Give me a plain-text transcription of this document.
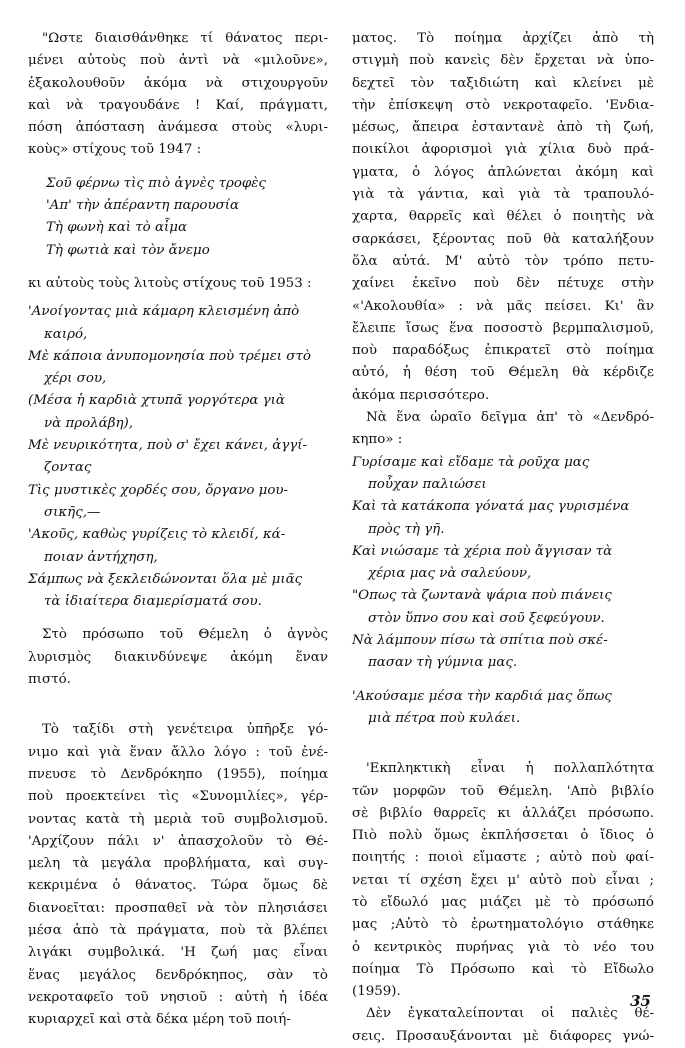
"Ωστε διαισθάνθηκε τί θάνατος περι-
μένει αὐτοὺς ποὺ ἀντὶ νὰ «μιλοῦνε»,
ἐξακολουθοῦν ἀκόμα νὰ στιχουργοῦν
καὶ νὰ τραγουδάνε ! Καί, πράγματι,
πόση ἀπόσταση ἀνάμεσα στοὺς «λυρι-
κοὺς» στίχους τοῦ 1947 :
Σοῦ φέρνω τὶς πιὸ ἁγνὲς τροφὲς
'Απ' τὴν ἀπέραντη παρουσία
Τὴ φωνὴ καὶ τὸ αἷμα
Τὴ φωτιὰ καὶ τὸν ἄνεμο
κι αὐτοὺς τοὺς λιτοὺς στίχους τοῦ 1953 :
'Ανοίγοντας μιὰ κάμαρη κλεισμένη ἀπὸ
καιρό,
Μὲ κάποια ἀνυπομονησία ποὺ τρέμει στὸ
χέρι σου,
(Μέσα ἡ καρδιὰ χτυπᾶ γοργότερα γιὰ
νὰ προλάβη),
Μὲ νευρικότητα, ποὺ σ' ἔχει κάνει, ἀγγί-
ζοντας
Τὶς μυστικὲς χορδές σου, ὄργανο μου-
σικῆς,—
'Ακοῦς, καθὼς γυρίζεις τὸ κλειδί, κά-
ποιαν ἀντήχηση,
Σάμπως νὰ ξεκλειδώνονται ὅλα μὲ μιᾶς
τὰ ἰδιαίτερα διαμερίσματά σου.
Στὸ πρόσωπο τοῦ Θέμελη ὁ ἁγνὸς
λυρισμὸς διακινδύνεψε ἀκόμη ἕναν
πιστό.
Τὸ ταξίδι στὴ γενέτειρα ὑπῆρξε γό-
νιμο καὶ γιὰ ἕναν ἄλλο λόγο : τοῦ ἐνέ-
πνευσε τὸ Δενδρόκηπο (1955), ποίημα
ποὺ προεκτείνει τὶς «Συνομιλίες», γέρ-
νοντας κατὰ τὴ μεριὰ τοῦ συμβολισμοῦ.
'Αρχίζουν πάλι ν' ἀπασχολοῦν τὸ Θέ-
μελη τὰ μεγάλα προβλήματα, καὶ συγ-
κεκριμένα ὁ θάνατος. Τώρα ὅμως δὲ
διανοεῖται: προσπαθεῖ νὰ τὸν πλησιάσει
μέσα ἀπὸ τὰ πράγματα, ποὺ τὰ βλέπει
λιγάκι συμβολικά. 'Η ζωή μας εἶναι
ἕνας μεγάλος δενδρόκηπος, σὰν τὸ
νεκροταφεῖο τοῦ νησιοῦ : αὐτὴ ἡ ἰδέα
κυριαρχεῖ καὶ στὰ δέκα μέρη τοῦ ποιή-
ματος. Τὸ ποίημα ἀρχίζει ἀπὸ τὴ
στιγμὴ ποὺ κανεὶς δὲν ἔρχεται νὰ ὑπο-
δεχτεῖ τὸν ταξιδιώτη καὶ κλείνει μὲ
τὴν ἐπίσκεψη στὸ νεκροταφεῖο. 'Ενδια-
μέσως, ἄπειρα ἐσταντανὲ ἀπὸ τὴ ζωή,
ποικίλοι ἀφορισμοὶ γιὰ χίλια δυὸ πρά-
γματα, ὁ λόγος ἁπλώνεται ἀκόμη καὶ
γιὰ τὰ γάντια, καὶ γιὰ τὰ τραπουλό-
χαρτα, θαρρεῖς καὶ θέλει ὁ ποιητὴς νὰ
σαρκάσει, ξέροντας ποῦ θὰ καταλήξουν
ὅλα αὐτά. Μ' αὐτὸ τὸν τρόπο πετυ-
χαίνει ἐκεῖνο ποὺ δὲν πέτυχε στὴν
«'Ακολουθία» : νὰ μᾶς πείσει. Κι' ἂν
ἔλειπε ἴσως ἕνα ποσοστὸ βερμπαλισμοῦ,
ποὺ παραδόξως ἐπικρατεῖ στὸ ποίημα
αὐτό, ἡ θέση τοῦ Θέμελη θὰ κέρδιζε
ἀκόμα περισσότερο.
Νὰ ἕνα ὡραῖο δεῖγμα ἀπ' τὸ «Δενδρό-
κηπο» :
Γυρίσαμε καὶ εἴδαμε τὰ ροῦχα μας
ποὖχαν παλιώσει
Καὶ τὰ κατάκοπα γόνατά μας γυρισμένα
πρὸς τὴ γῆ.
Καὶ νιώσαμε τὰ χέρια ποὺ ἄγγισαν τὰ
χέρια μας νὰ σαλεύουν,
"Οπως τὰ ζωντανὰ ψάρια ποὺ πιάνεις
στὸν ὕπνο σου καὶ σοῦ ξεφεύγουν.
Νὰ λάμπουν πίσω τὰ σπίτια ποὺ σκέ-
πασαν τὴ γύμνια μας.
'Ακούσαμε μέσα τὴν καρδιά μας ὅπως
μιὰ πέτρα ποὺ κυλάει.
'Εκπληκτικὴ εἶναι ἡ πολλαπλότητα
τῶν μορφῶν τοῦ Θέμελη. 'Απὸ βιβλίο
σὲ βιβλίο θαρρεῖς κι ἀλλάζει πρόσωπο.
Πιὸ πολὺ ὅμως ἐκπλήσσεται ὁ ἴδιος ὁ
ποιητής : ποιοὶ εἴμαστε ; αὐτὸ ποὺ φαί-
νεται τί σχέση ἔχει μ' αὐτὸ ποὺ εἶναι ;
τὸ εἴδωλό μας μιάζει μὲ τὸ πρόσωπό
μας ;Αὐτὸ τὸ ἐρωτηματολόγιο στάθηκε
ὁ κεντρικὸς πυρήνας γιὰ τὸ νέο του
ποίημα Τὸ Πρόσωπο καὶ τὸ Εἴδωλο
(1959).
Δὲν ἐγκαταλείπονται οἱ παλιὲς θέ-
σεις. Προσαυξάνονται μὲ διάφορες γνώ-
35
